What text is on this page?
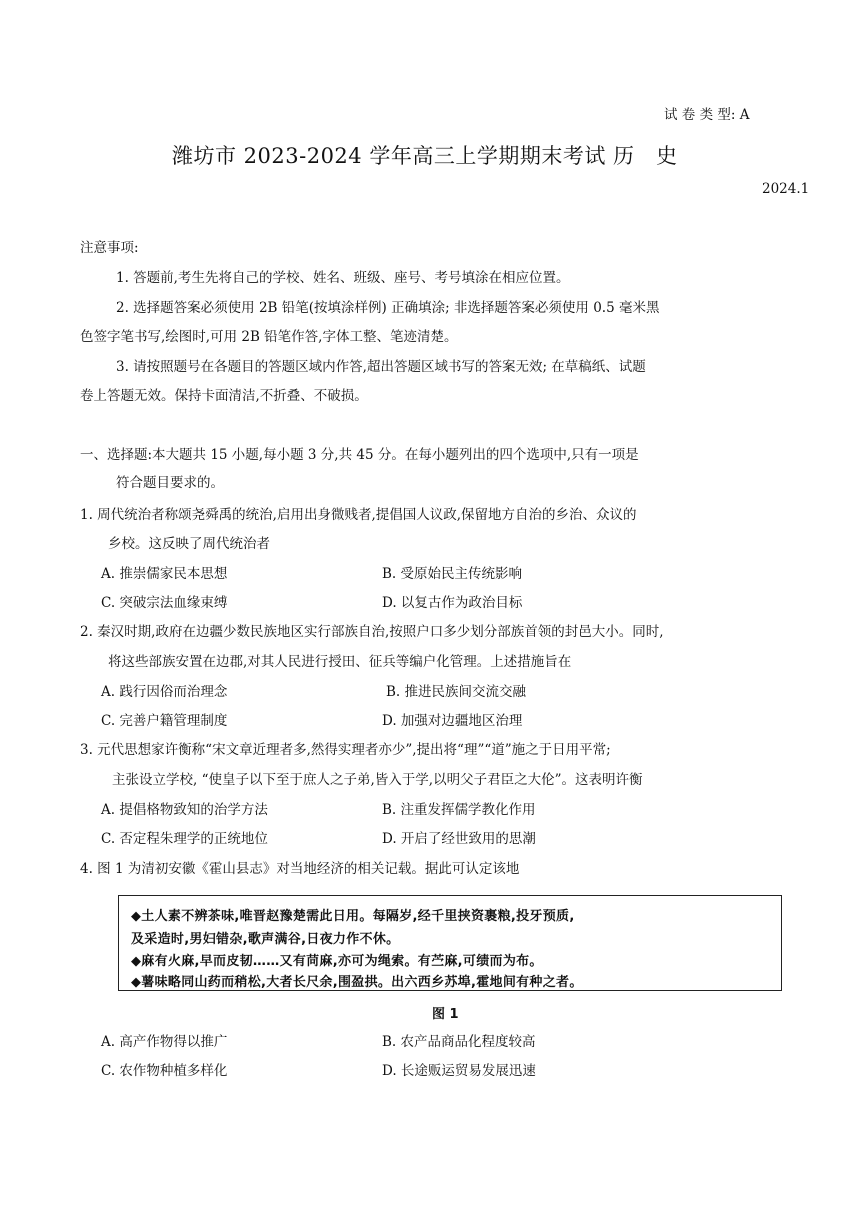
试 卷 类 型: A
潍坊市 2023-2024 学年高三上学期期末考试 历　史
2024.1
注意事项:
1. 答题前,考生先将自己的学校、姓名、班级、座号、考号填涂在相应位置。
2. 选择题答案必须使用 2B 铅笔(按填涂样例) 正确填涂; 非选择题答案必须使用 0.5 毫米黑
色签字笔书写,绘图时,可用 2B 铅笔作答,字体工整、笔迹清楚。
3. 请按照题号在各题目的答题区域内作答,超出答题区域书写的答案无效; 在草稿纸、试题
卷上答题无效。保持卡面清洁,不折叠、不破损。
一、选择题:本大题共 15 小题,每小题 3 分,共 45 分。在每小题列出的四个选项中,只有一项是
符合题目要求的。
1. 周代统治者称颂尧舜禹的统治,启用出身微贱者,提倡国人议政,保留地方自治的乡治、众议的
乡校。这反映了周代统治者
A. 推崇儒家民本思想	B. 受原始民主传统影响
C. 突破宗法血缘束缚	D. 以复古作为政治目标
2. 秦汉时期,政府在边疆少数民族地区实行部族自治,按照户口多少划分部族首领的封邑大小。同时,
将这些部族安置在边郡,对其人民进行授田、征兵等编户化管理。上述措施旨在
A. 践行因俗而治理念	B. 推进民族间交流交融
C. 完善户籍管理制度	D. 加强对边疆地区治理
3. 元代思想家许衡称“宋文章近理者多,然得实理者亦少”,提出将“理”“道”施之于日用平常;
主张设立学校, “使皇子以下至于庶人之子弟,皆入于学,以明父子君臣之大伦”。这表明许衡
A. 提倡格物致知的治学方法	B. 注重发挥儒学教化作用
C. 否定程朱理学的正统地位	D. 开启了经世致用的思潮
4. 图 1 为清初安徽《霍山县志》对当地经济的相关记载。据此可认定该地
◆土人素不辨茶味,唯晋赵豫楚需此日用。每隔岁,经千里挟资裹粮,投牙预质,
及采造时,男妇错杂,歌声满谷,日夜力作不休。
◆麻有火麻,早而皮韧……又有苘麻,亦可为绳索。有苎麻,可绩而为布。
◆薯味略同山药而稍松,大者长尺余,围盈拱。出六西乡苏埠,霍地间有种之者。
图 1
A. 高产作物得以推广	B. 农产品商品化程度较高
C. 农作物种植多样化	D. 长途贩运贸易发展迅速
